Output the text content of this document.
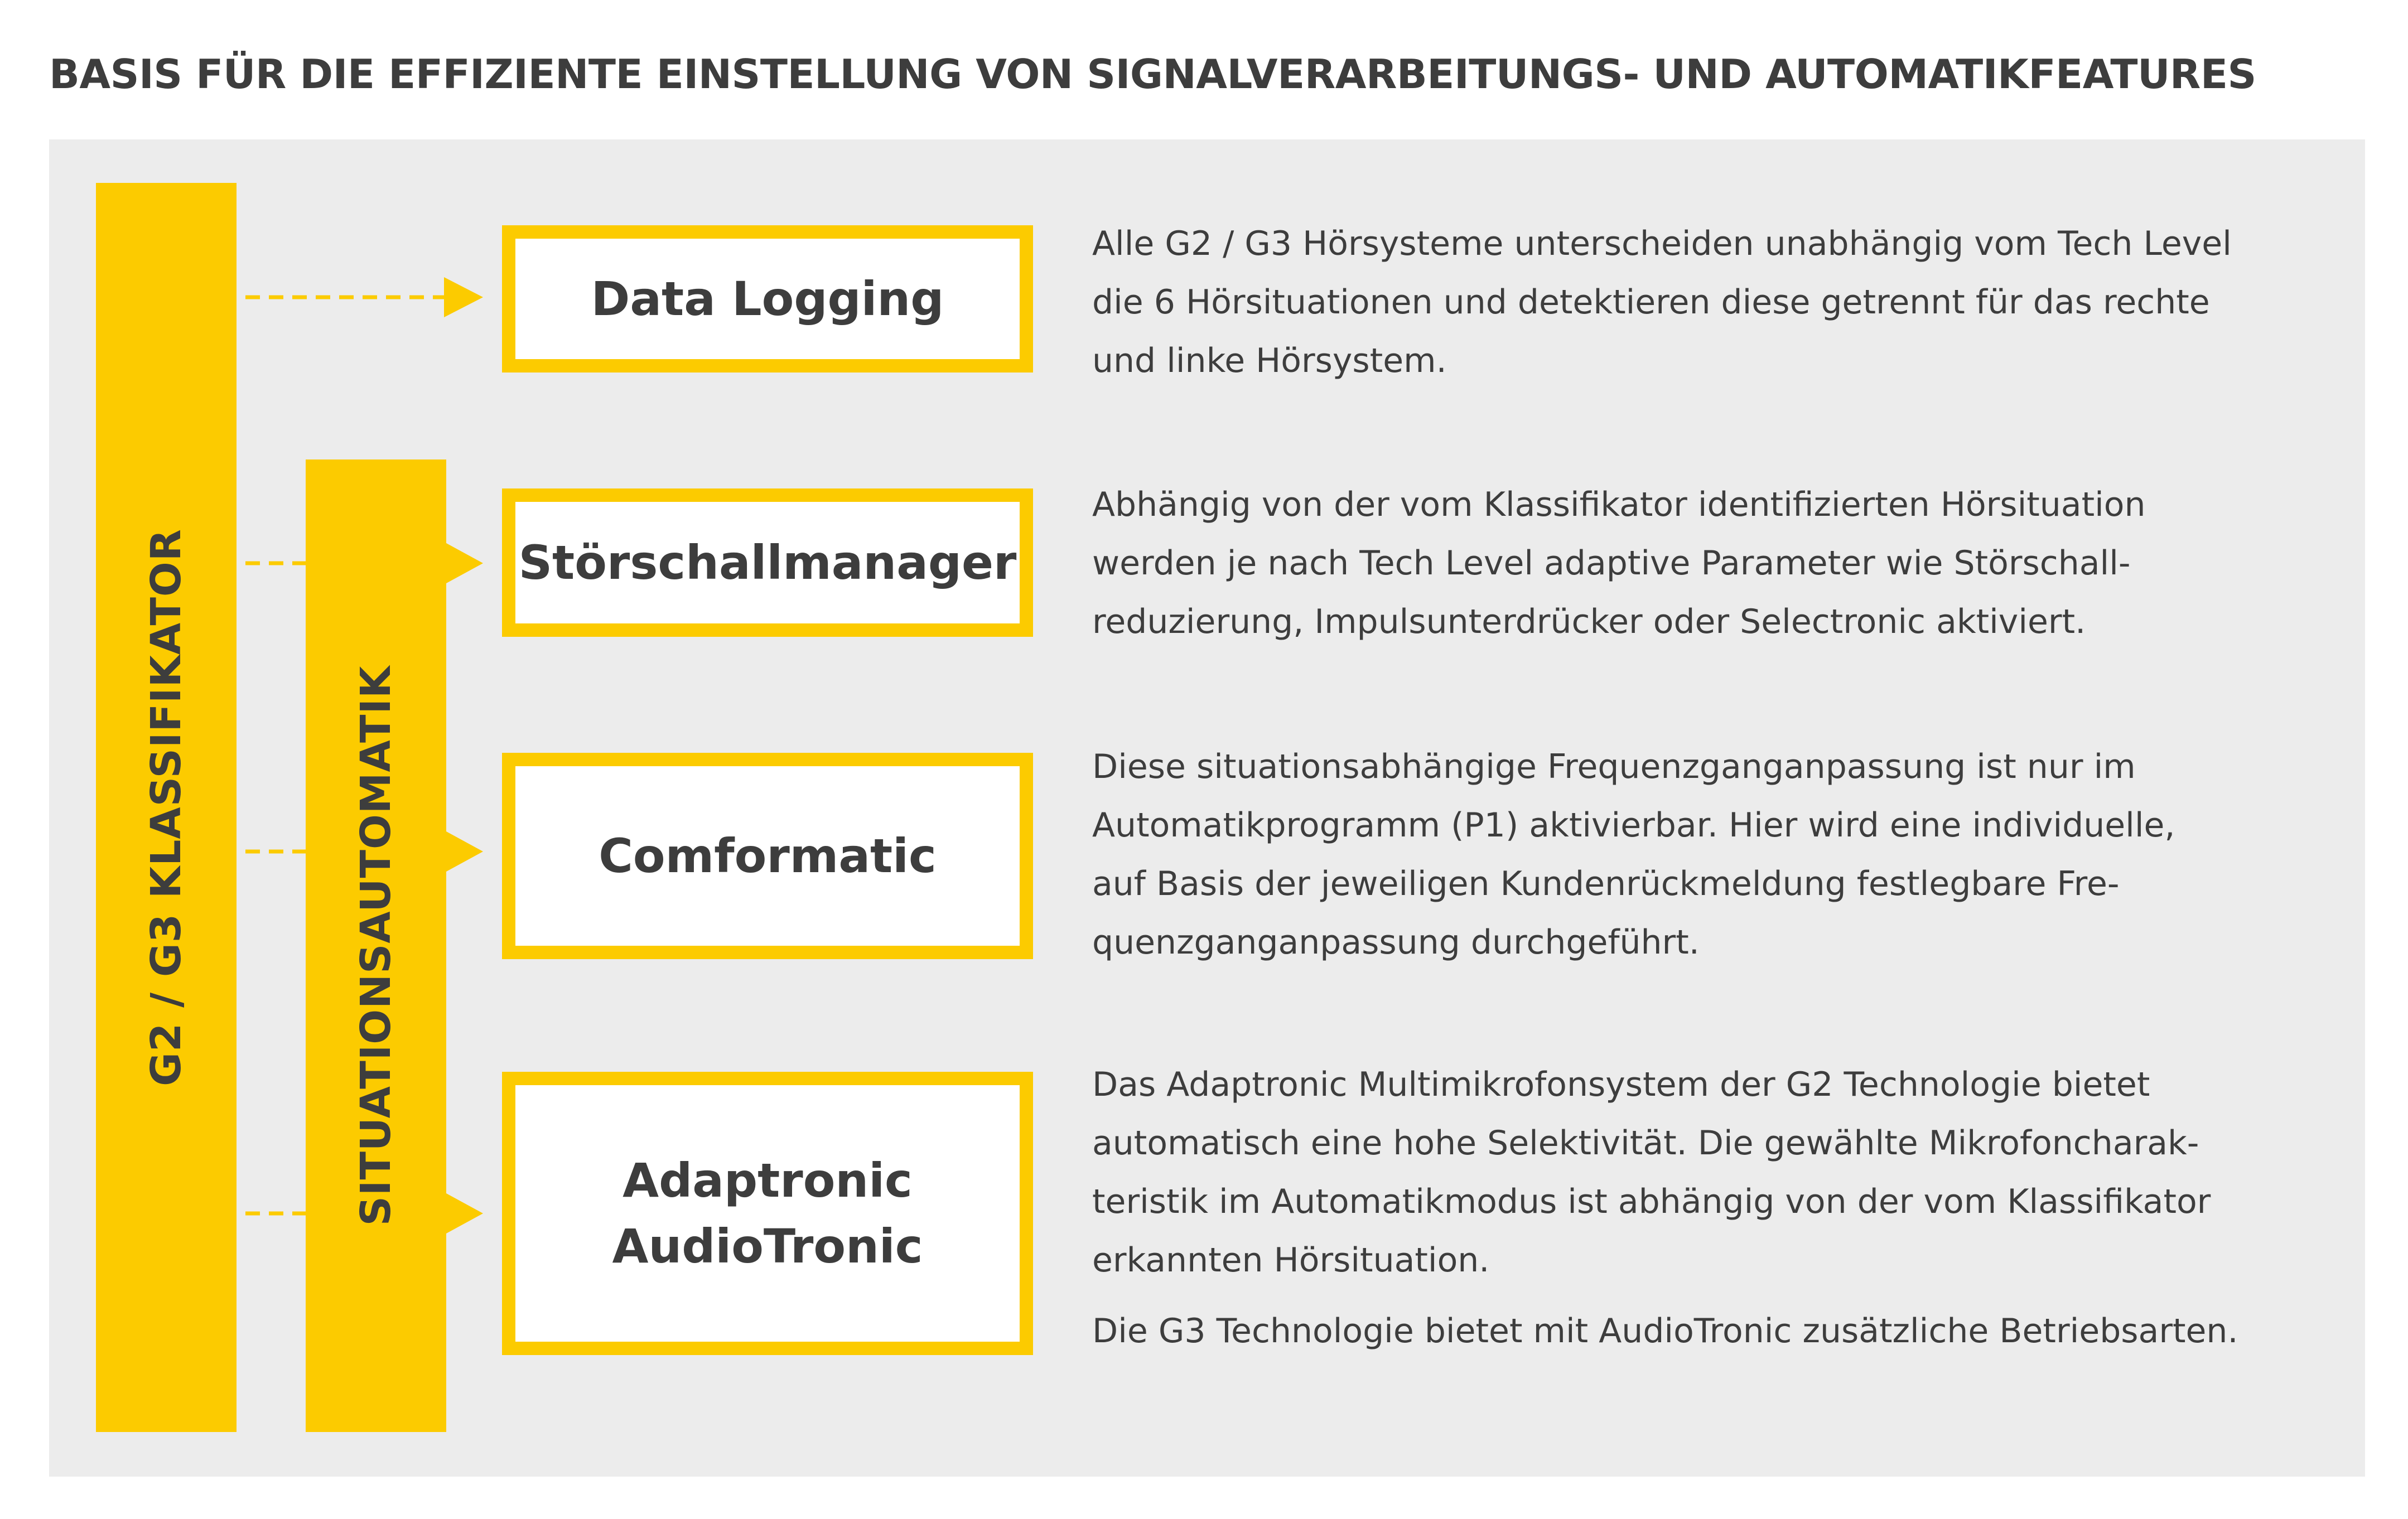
BASIS FÜR DIE EFFIZIENTE EINSTELLUNG VON SIGNALVERARBEITUNGS- UND AUTOMATIKFEATURES
G2 / G3 KLASSIFIKATOR	SITUATIONSAUTOMATIK
Data Logging
Störschallmanager
Comformatic
Adaptronic
AudioTronic

Alle G2 / G3 Hörsysteme unterscheiden unabhängig vom Tech Level

die 6 Hörsituationen und detektieren diese getrennt für das rechte

und linke Hörsystem.

Abhängig von der vom Klassifikator identifizierten Hörsituation

werden je nach Tech Level adaptive Parameter wie Störschall-

reduzierung, Impulsunterdrücker oder Selectronic aktiviert.

Diese situationsabhängige Frequenzganganpassung ist nur im

Automatikprogramm (P1) aktivierbar. Hier wird eine individuelle,

auf Basis der jeweiligen Kundenrückmeldung festlegbare Fre-

quenzganganpassung durchgeführt.

Das Adaptronic Multimikrofonsystem der G2 Technologie bietet

automatisch eine hohe Selektivität. Die gewählte Mikrofoncharak-

teristik im Automatikmodus ist abhängig von der vom Klassifikator

erkannten Hörsituation.

Die G3 Technologie bietet mit AudioTronic zusätzliche Betriebsarten.
